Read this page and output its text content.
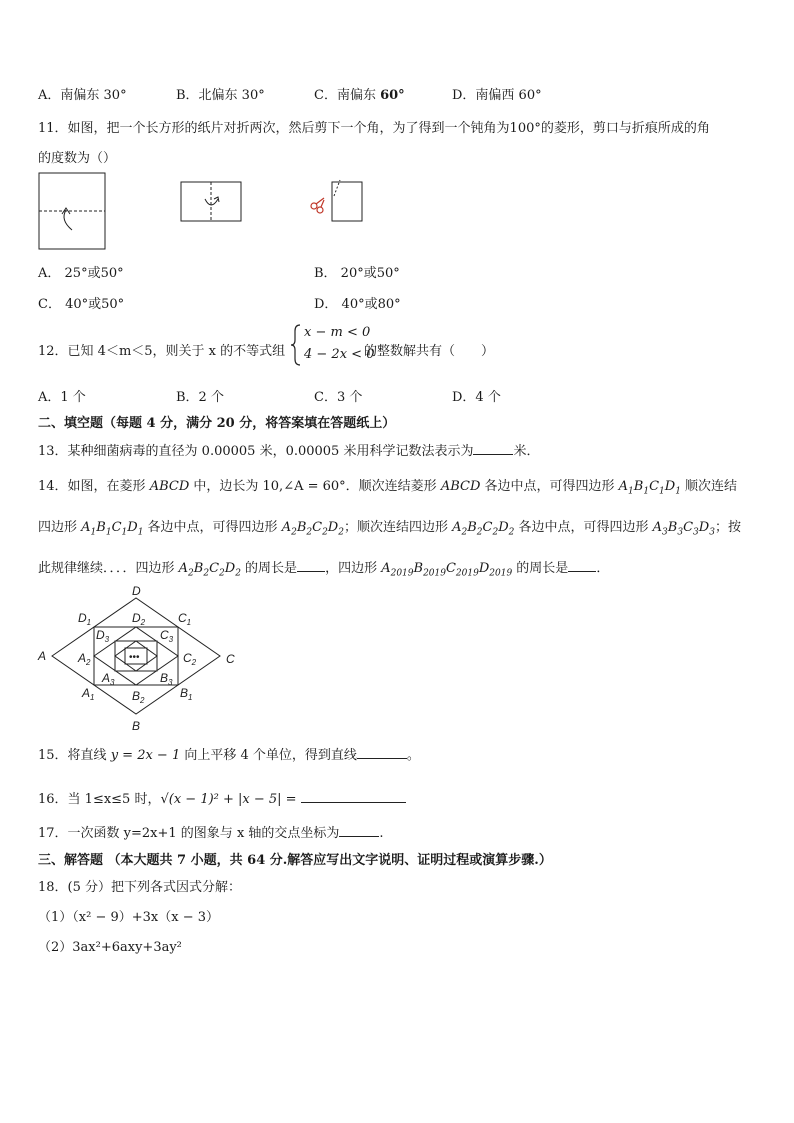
A．南偏东 30°	B．北偏东 30°	C．南偏东 60°	D．南偏西 60°
11．如图，把一个长方形的纸片对折两次，然后剪下一个角，为了得到一个钝角为100°的菱形，剪口与折痕所成的角
的度数为（）
A． 25°或50°	B． 20°或50°
C． 40°或50°	D． 40°或80°
12．已知 4＜m＜5，则关于 x 的不等式组
x − m < 0
4 − 2x < 0
的整数解共有（　　）
A．1 个	B．2 个	C．3 个	D．4 个
二、填空题（每题 4 分，满分 20 分，将答案填在答题纸上）
13．某种细菌病毒的直径为 0.00005 米，0.00005 米用科学记数法表示为	米．
14．如图，在菱形 ABCD 中，边长为 10,∠A = 60°．顺次连结菱形 ABCD 各边中点，可得四边形 $A_1B_1C_1D_1$ 顺次连结
四边形 $A_1B_1C_1D_1$ 各边中点，可得四边形 $A_2B_2C_2D_2$；顺次连结四边形 $A_2B_2C_2D_2$ 各边中点，可得四边形 $A_3B_3C_3D_3$；按
此规律继续．．．．四边形 $A_2B_2C_2D_2$ 的周长是 ，四边形 $A_{2019}B_{2019}C_{2019}D_{2019}$ 的周长是 ．
•••
A
D
C
B
$D_1$	$C_1$
$A_1$	$B_1$
$D_2$
$C_2$
$A_2$
$B_2$
$D_3$	$C_3$
$A_3$	$B_3$
15．将直线 y = 2x − 1 向上平移 4 个单位，得到直线	。
16．当 1≤x≤5 时，√(x − 1)² + |x − 5| =
17．一次函数 y=2x+1 的图象与 x 轴的交点坐标为	.
三、解答题 （本大题共 7 小题，共 64 分.解答应写出文字说明、证明过程或演算步骤.）
18．(5 分）把下列各式因式分解：
（1）（x² − 9）+3x（x − 3）
（2）3ax²+6axy+3ay²
